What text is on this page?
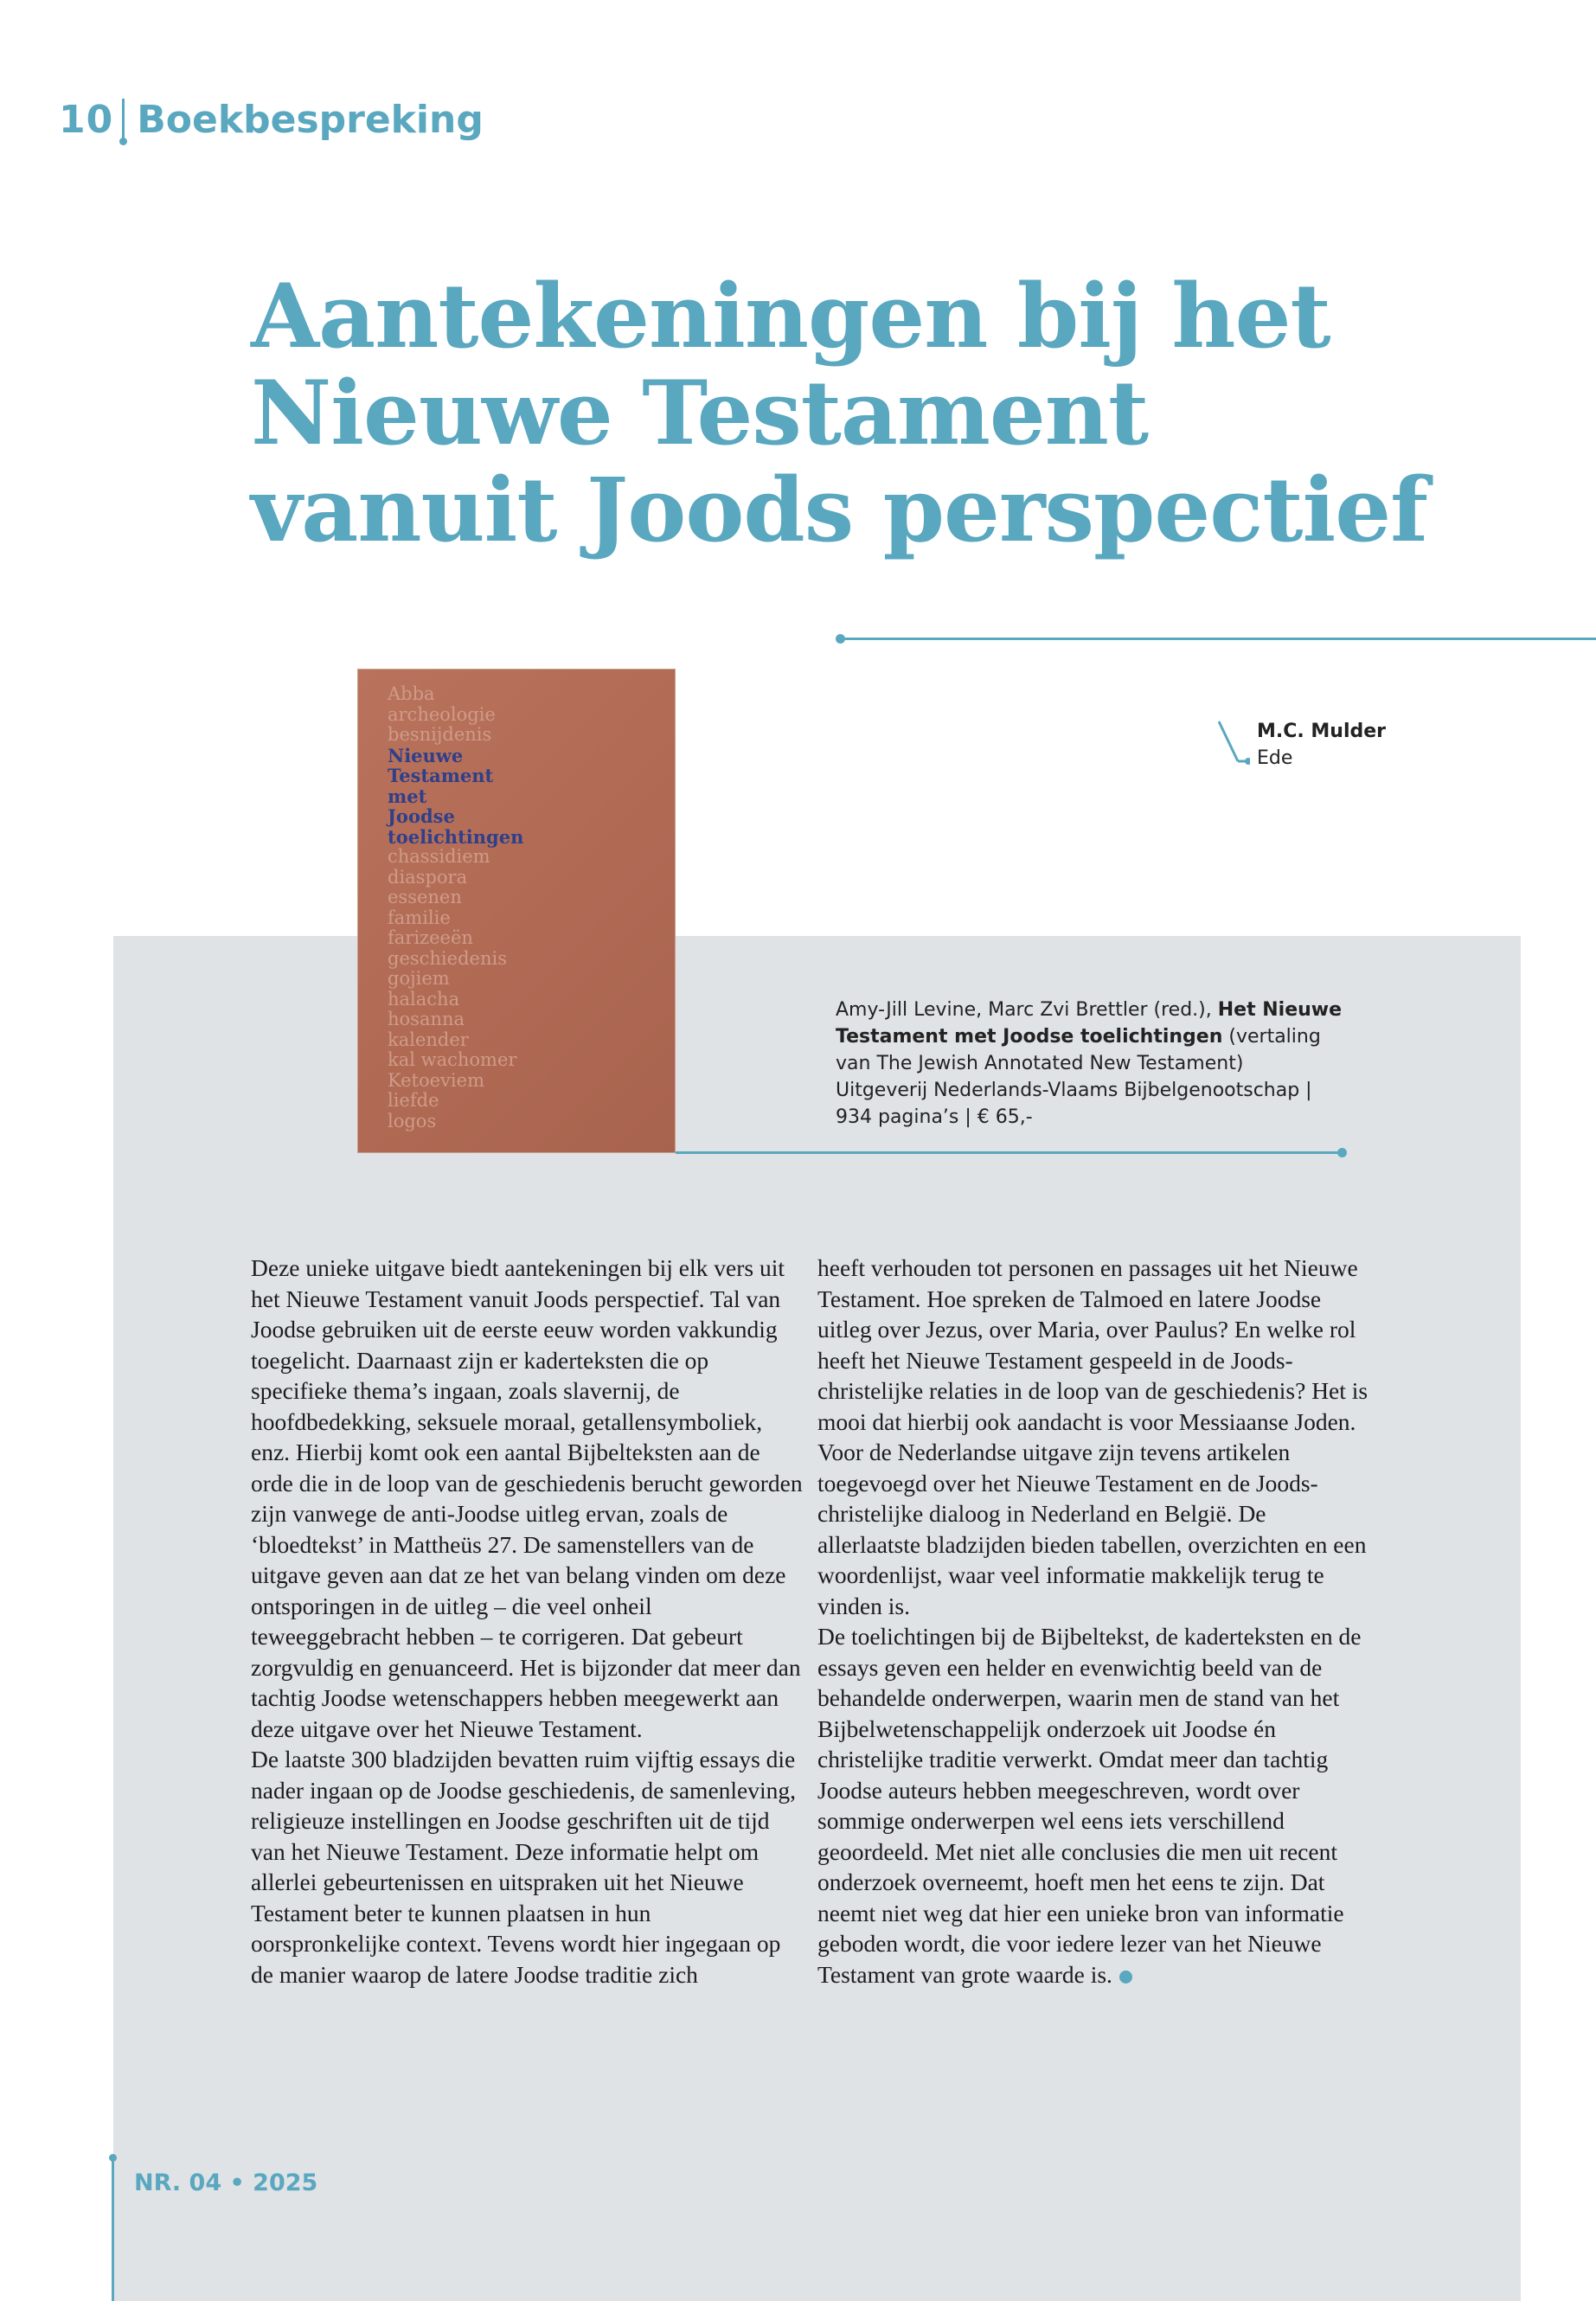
10 Boekbespreking
Aantekeningen bij het Nieuwe Testament vanuit Joods perspectief
Abba
archeologie
besnijdenis
Nieuwe
Testament
met
Joodse
toelichtingen
chassidiem
diaspora
essenen
familie
farizeeën
geschiedenis
gojiem
halacha
hosanna
kalender
kal wachomer
Ketoeviem
liefde
logos
M.C. Mulder
Ede

Amy-Jill Levine, Marc Zvi Brettler (red.), Het Nieuwe Testament met Joodse toelichtingen (vertaling van The Jewish Annotated New Testament)
Uitgeverij Nederlands-Vlaams Bijbelgenootschap |
934 pagina’s | € 65,-

Deze unieke uitgave biedt aantekeningen bij elk vers uit het Nieuwe Testament vanuit Joods perspectief. Tal van Joodse gebruiken uit de eerste eeuw worden vakkundig toegelicht. Daarnaast zijn er kaderteksten die op specifieke thema’s ingaan, zoals slavernij, de hoofdbedekking, seksuele moraal, getallensymboliek, enz. Hierbij komt ook een aantal Bijbelteksten aan de orde die in de loop van de geschiedenis berucht geworden zijn vanwege de anti-Joodse uitleg ervan, zoals de ‘bloedtekst’ in Mattheüs 27. De samenstellers van de uitgave geven aan dat ze het van belang vinden om deze ontsporingen in de uitleg – die veel onheil teweeggebracht hebben – te corrigeren. Dat gebeurt zorgvuldig en genuanceerd. Het is bijzonder dat meer dan tachtig Joodse wetenschappers hebben meegewerkt aan deze uitgave over het Nieuwe Testament.

De laatste 300 bladzijden bevatten ruim vijftig essays die nader ingaan op de Joodse geschiedenis, de samenleving, religieuze instellingen en Joodse geschriften uit de tijd van het Nieuwe Testament. Deze informatie helpt om allerlei gebeurtenissen en uitspraken uit het Nieuwe Testament beter te kunnen plaatsen in hun oorspronkelijke context. Tevens wordt hier ingegaan op de manier waarop de latere Joodse traditie zich

heeft verhouden tot personen en passages uit het Nieuwe Testament. Hoe spreken de Talmoed en latere Joodse uitleg over Jezus, over Maria, over Paulus? En welke rol heeft het Nieuwe Testament gespeeld in de Joods-christelijke relaties in de loop van de geschiedenis? Het is mooi dat hierbij ook aandacht is voor Messiaanse Joden.

Voor de Nederlandse uitgave zijn tevens artikelen toegevoegd over het Nieuwe Testament en de Joods-christelijke dialoog in Nederland en België. De allerlaatste bladzijden bieden tabellen, overzichten en een woordenlijst, waar veel informatie makkelijk terug te vinden is.

De toelichtingen bij de Bijbeltekst, de kaderteksten en de essays geven een helder en evenwichtig beeld van de behandelde onderwerpen, waarin men de stand van het Bijbelwetenschappelijk onderzoek uit Joodse én christelijke traditie verwerkt. Omdat meer dan tachtig Joodse auteurs hebben meegeschreven, wordt over sommige onderwerpen wel eens iets verschillend geoordeeld. Met niet alle conclusies die men uit recent onderzoek overneemt, hoeft men het eens te zijn. Dat neemt niet weg dat hier een unieke bron van informatie geboden wordt, die voor iedere lezer van het Nieuwe Testament van grote waarde is.

NR. 04 • 2025
